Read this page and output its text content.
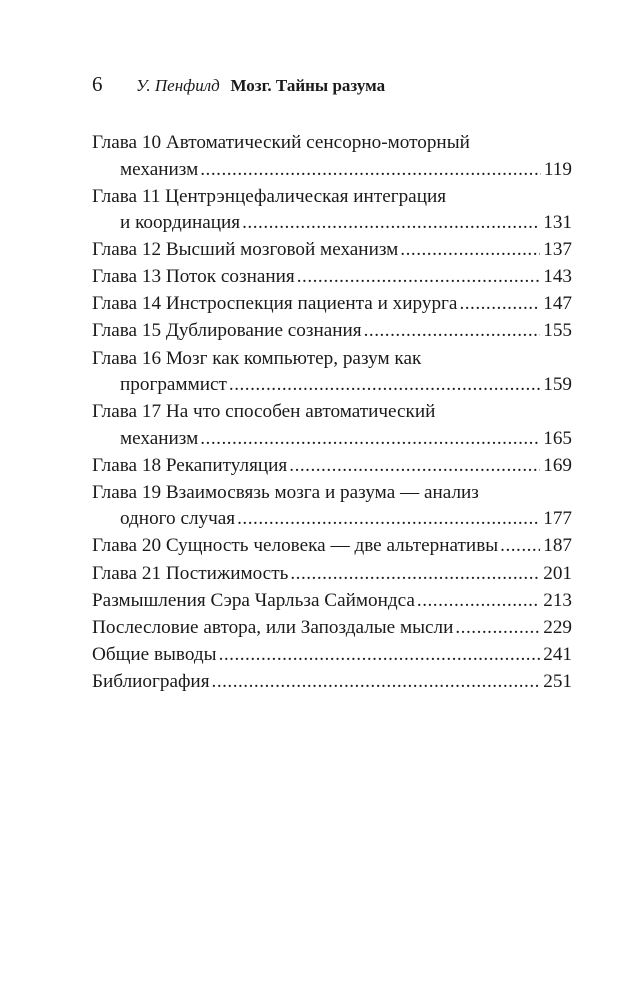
6 У. Пенфилд Мозг. Тайны разума
Глава 10 Автоматический сенсорно-моторный
механизм .....	119
Глава 11 Центрэнцефалическая интеграция
и координация .....	131
Глава 12 Высший мозговой механизм .....	137
Глава 13 Поток сознания .....	143
Глава 14 Инстроспекция пациента и хирурга .....	147
Глава 15 Дублирование сознания .....	155
Глава 16 Мозг как компьютер, разум как
программист .....	159
Глава 17 На что способен автоматический
механизм .....	165
Глава 18 Рекапитуляция .....	169
Глава 19 Взаимосвязь мозга и разума — анализ
одного случая .....	177
Глава 20 Сущность человека — две альтернативы ..... 187
Глава 21 Постижимость .....	201
Размышления Сэра Чарльза Саймондса .....	213
Послесловие автора, или Запоздалые мысли .....	229
Общие выводы .....	241
Библиография .....	251
